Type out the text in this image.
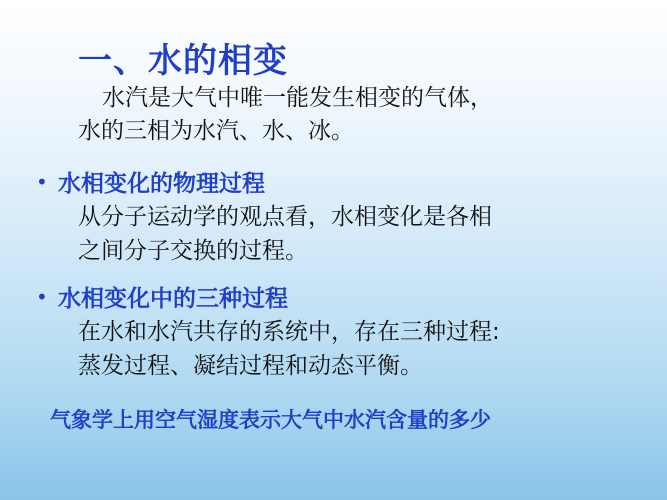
一、水的相变
水汽是大气中唯一能发生相变的气体，
水的三相为水汽、水、冰。
• 水相变化的物理过程
从分子运动学的观点看，水相变化是各相
之间分子交换的过程。
• 水相变化中的三种过程
在水和水汽共存的系统中，存在三种过程:
蒸发过程、凝结过程和动态平衡。
气象学上用空气湿度表示大气中水汽含量的多少
